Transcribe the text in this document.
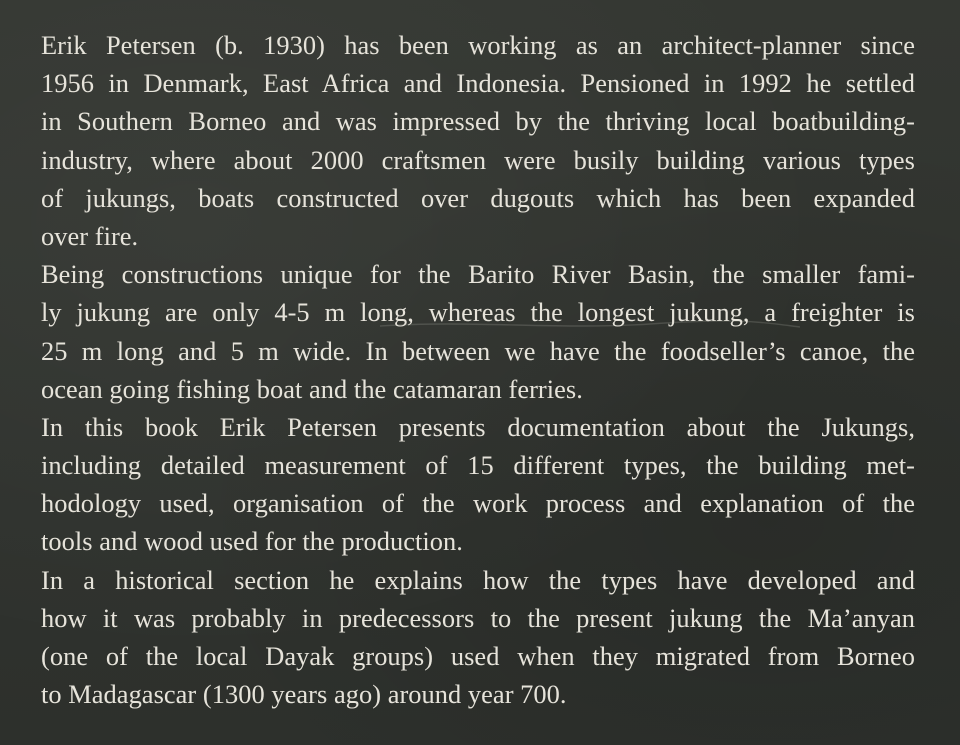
Erik Petersen (b. 1930) has been working as an architect-planner since
1956 in Denmark, East Africa and Indonesia. Pensioned in 1992 he settled
in Southern Borneo and was impressed by the thriving local boatbuilding-
industry, where about 2000 craftsmen were busily building various types
of jukungs, boats constructed over dugouts which has been expanded
over fire.
Being constructions unique for the Barito River Basin, the smaller fami-
ly jukung are only 4-5 m long, whereas the longest jukung, a freighter is
25 m long and 5 m wide. In between we have the foodseller’s canoe, the
ocean going fishing boat and the catamaran ferries.
In this book Erik Petersen presents documentation about the Jukungs,
including detailed measurement of 15 different types, the building met-
hodology used, organisation of the work process and explanation of the
tools and wood used for the production.
In a historical section he explains how the types have developed and
how it was probably in predecessors to the present jukung the Ma’anyan
(one of the local Dayak groups) used when they migrated from Borneo
to Madagascar (1300 years ago) around year 700.
